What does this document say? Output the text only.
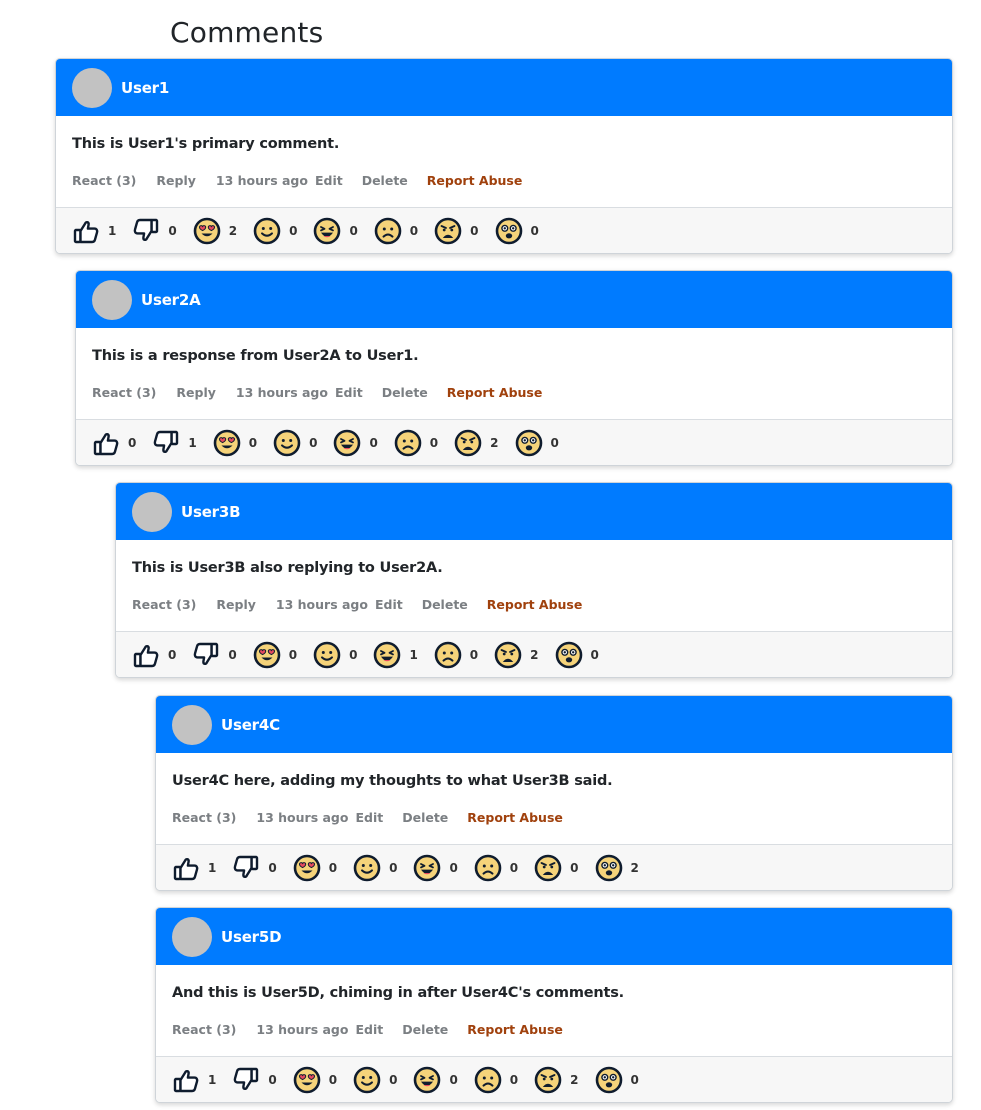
Comments
User1
This is User1's primary comment.
React (3) Reply 13 hours ago Edit Delete Report Abuse
1	0	2	0	0	0	0	0
User2A
This is a response from User2A to User1.
React (3) Reply 13 hours ago Edit Delete Report Abuse
0	1	0	0	0	0	2	0
User3B
This is User3B also replying to User2A.
React (3) Reply 13 hours ago Edit Delete Report Abuse
0	0	0	0	1	0	2	0
User4C
User4C here, adding my thoughts to what User3B said.
React (3) 13 hours ago Edit Delete Report Abuse
1	0	0	0	0	0	0	2
User5D
And this is User5D, chiming in after User4C's comments.
React (3) 13 hours ago Edit Delete Report Abuse
1	0	0	0	0	0	2	0
